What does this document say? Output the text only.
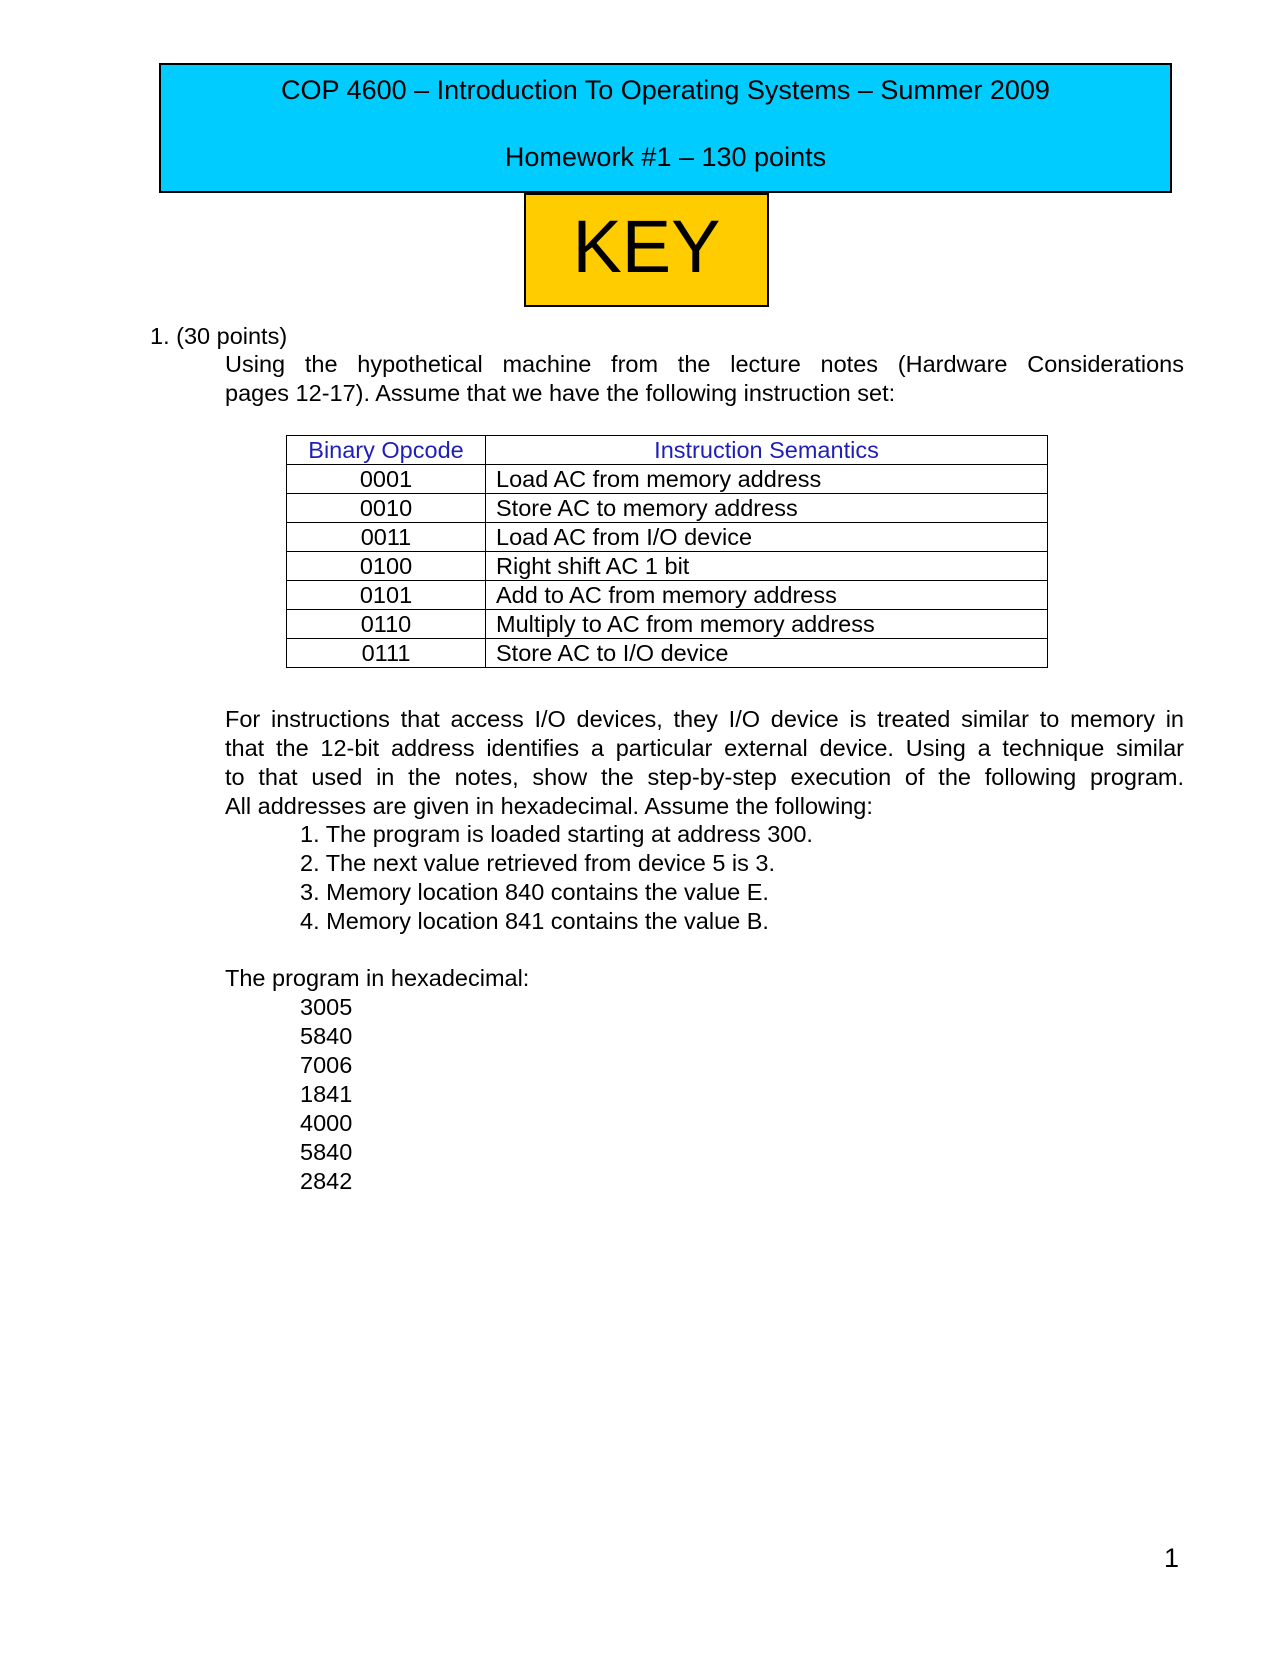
COP 4600 – Introduction To Operating Systems – Summer 2009
Homework #1 – 130 points
KEY
1. (30 points)
Using the hypothetical machine from the lecture notes (Hardware Considerations
pages 12-17). Assume that we have the following instruction set:
Binary Opcode	Instruction Semantics
0001	Load AC from memory address
0010	Store AC to memory address
0011	Load AC from I/O device
0100	Right shift AC 1 bit
0101	Add to AC from memory address
0110	Multiply to AC from memory address
0111	Store AC to I/O device
For instructions that access I/O devices, they I/O device is treated similar to memory in
that the 12-bit address identifies a particular external device. Using a technique similar
to that used in the notes, show the step-by-step execution of the following program.
All addresses are given in hexadecimal. Assume the following:
1. The program is loaded starting at address 300.
2. The next value retrieved from device 5 is 3.
3. Memory location 840 contains the value E.
4. Memory location 841 contains the value B.
The program in hexadecimal:
3005
5840
7006
1841
4000
5840
2842
1
